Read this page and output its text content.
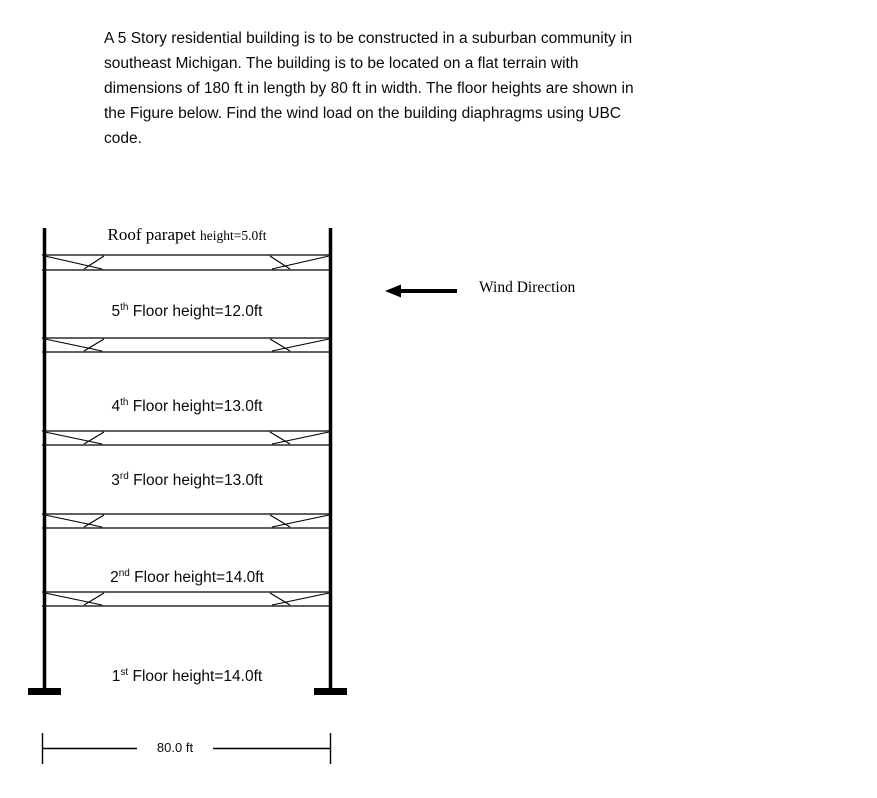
A 5 Story residential building is to be constructed in a suburban community in
southeast Michigan. The building is to be located on a flat terrain with
dimensions of 180 ft in length by 80 ft in width. The floor heights are shown in
the Figure below. Find the wind load on the building diaphragms using UBC
code.
Roof parapet height=5.0ft
5th Floor height=12.0ft
4th Floor height=13.0ft
3rd Floor height=13.0ft
2nd Floor height=14.0ft
1st Floor height=14.0ft
Wind Direction
80.0 ft
